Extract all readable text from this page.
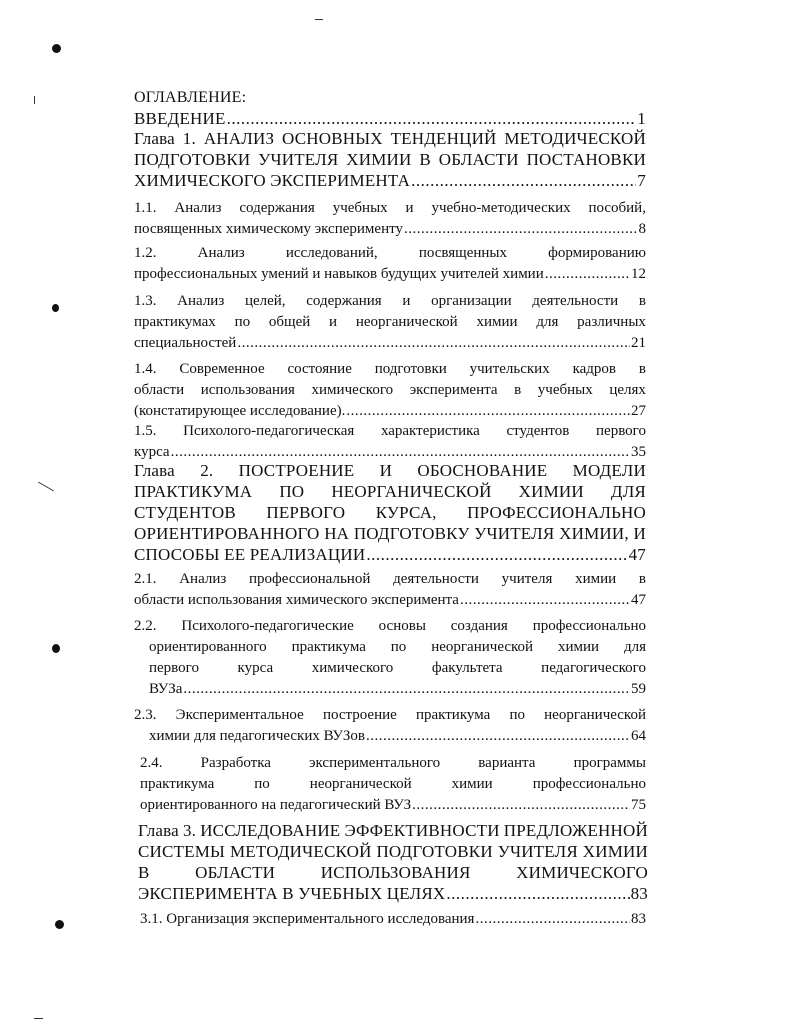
ОГЛАВЛЕНИЕ:
ВВЕДЕНИЕ .....	1
Глава 1. АНАЛИЗ ОСНОВНЫХ ТЕНДЕНЦИЙ МЕТОДИЧЕСКОЙ
ПОДГОТОВКИ УЧИТЕЛЯ ХИМИИ В ОБЛАСТИ ПОСТАНОВКИ
ХИМИЧЕСКОГО ЭКСПЕРИМЕНТА .....	7
1.1. Анализ содержания учебных и учебно-методических пособий,
посвященных химическому эксперименту .....	8
1.2.	Анализ	исследований,	посвященных	формированию
профессиональных умений и навыков будущих учителей химии .....	12
1.3. Анализ целей, содержания и организации деятельности в
практикумах по общей и неорганической химии для различных
специальностей .....	21
1.4. Современное состояние подготовки учительских кадров в
области использования химического эксперимента в учебных целях
(констатирующее исследование). .....	27
1.5. Психолого-педагогическая характеристика студентов первого
курса .....	35
Глава 2. ПОСТРОЕНИЕ И ОБОСНОВАНИЕ МОДЕЛИ
ПРАКТИКУМА ПО НЕОРГАНИЧЕСКОЙ ХИМИИ ДЛЯ
СТУДЕНТОВ ПЕРВОГО КУРСА, ПРОФЕССИОНАЛЬНО
ОРИЕНТИРОВАННОГО НА ПОДГОТОВКУ УЧИТЕЛЯ ХИМИИ, И
СПОСОБЫ ЕЕ РЕАЛИЗАЦИИ .....	47
2.1. Анализ профессиональной деятельности учителя химии в
области использования химического эксперимента .....	47
2.2. Психолого-педагогические основы создания профессионально
ориентированного практикума по неорганической химии для
первого	курса	химического	факультета	педагогического
ВУЗа .....	59
2.3. Экспериментальное построение практикума по неорганической
химии для педагогических ВУЗов .....	64
2.4.	Разработка	экспериментального	варианта	программы
практикума	по	неорганической	химии	профессионально
ориентированного на педагогический ВУЗ .....	75
Глава 3. ИССЛЕДОВАНИЕ ЭФФЕКТИВНОСТИ ПРЕДЛОЖЕННОЙ
СИСТЕМЫ МЕТОДИЧЕСКОЙ ПОДГОТОВКИ УЧИТЕЛЯ ХИМИИ
В	ОБЛАСТИ	ИСПОЛЬЗОВАНИЯ	ХИМИЧЕСКОГО
ЭКСПЕРИМЕНТА В УЧЕБНЫХ ЦЕЛЯХ .....	83
3.1. Организация экспериментального исследования .....	83
